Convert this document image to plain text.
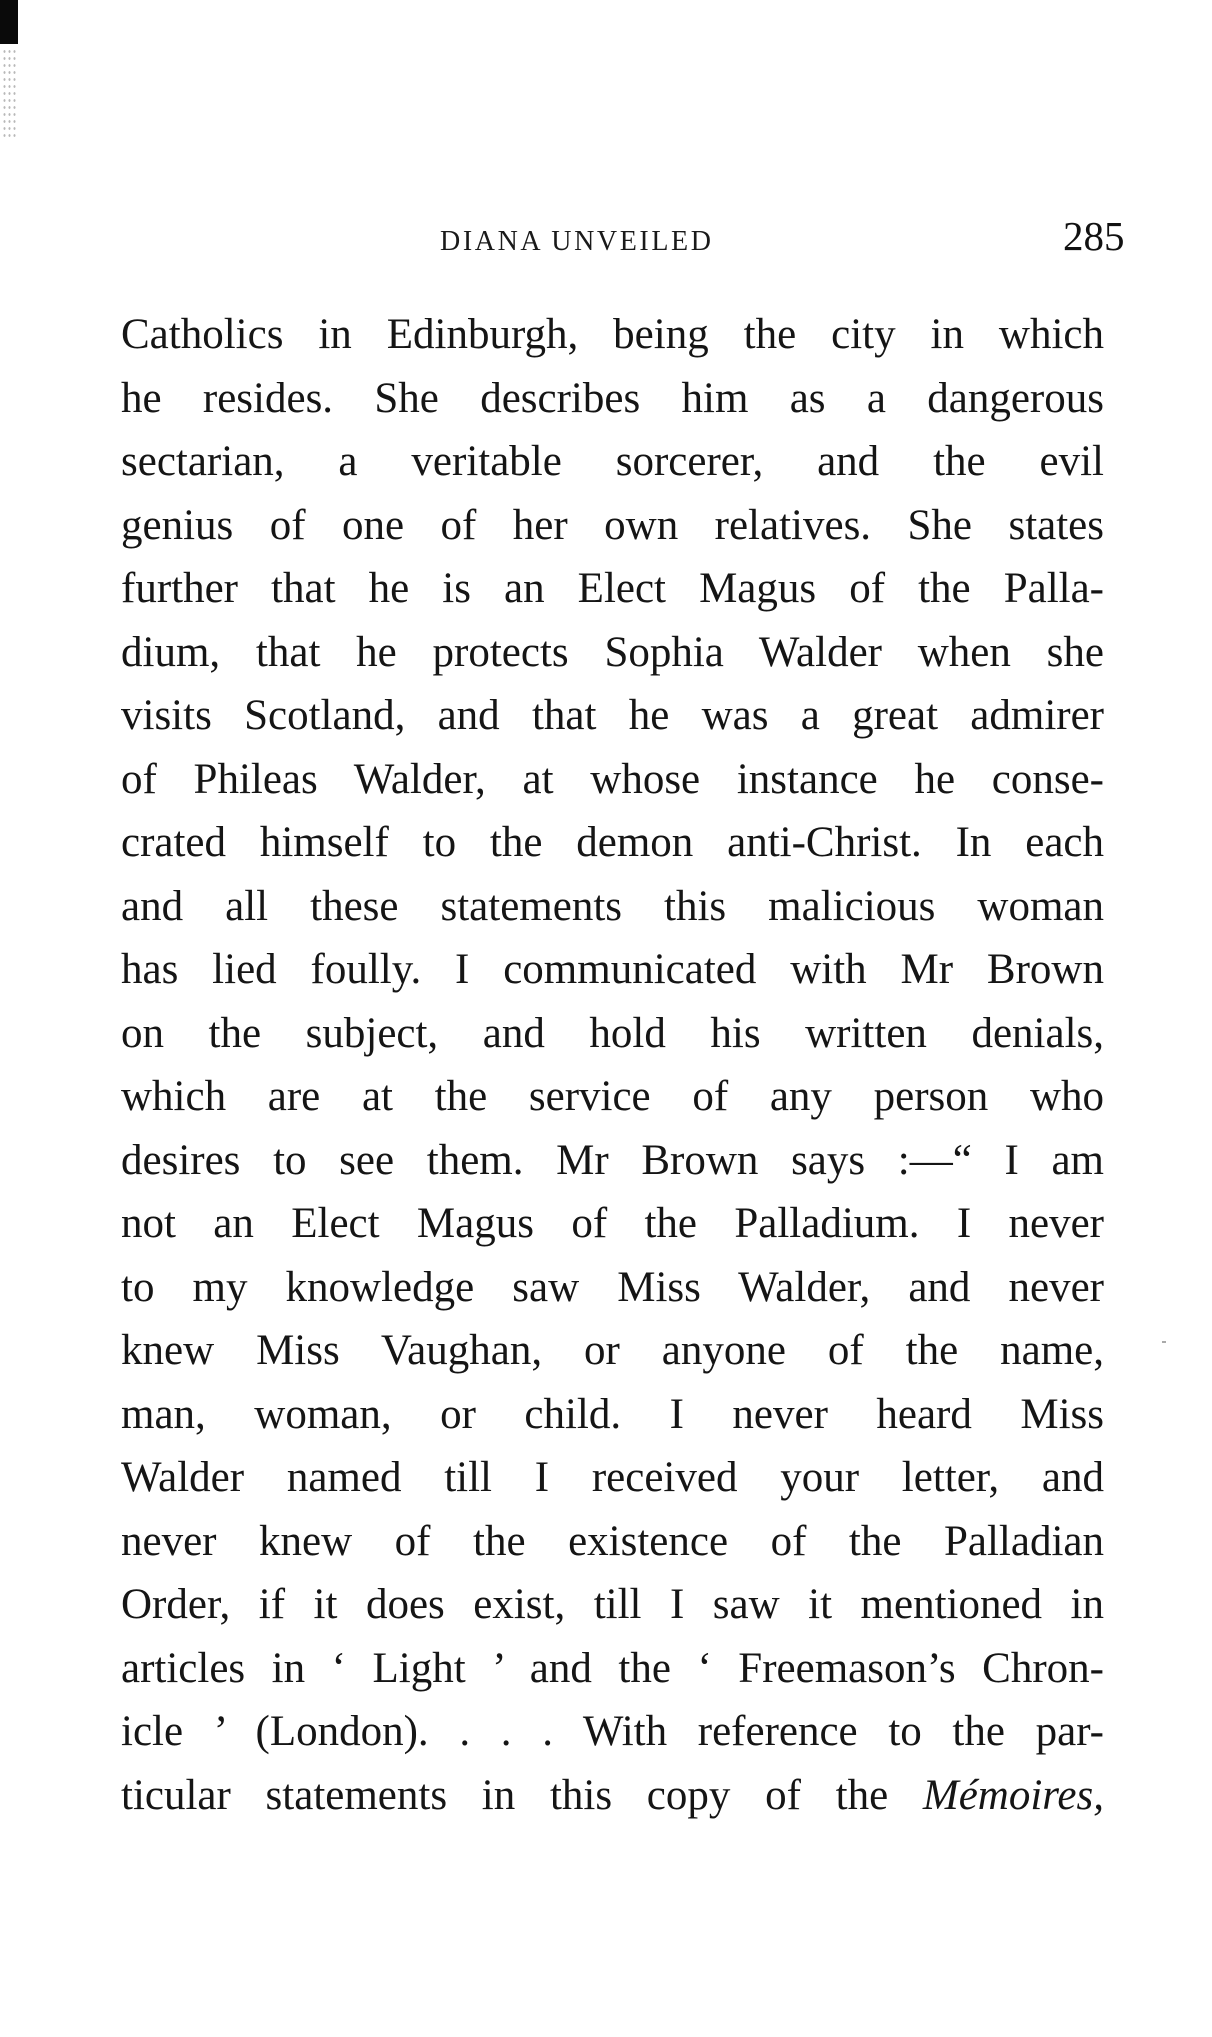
DIANA UNVEILED	285
Catholics in Edinburgh, being the city in which
he resides. She describes him as a dangerous
sectarian, a veritable sorcerer, and the evil
genius of one of her own relatives. She states
further that he is an Elect Magus of the Palla-
dium, that he protects Sophia Walder when she
visits Scotland, and that he was a great admirer
of Phileas Walder, at whose instance he conse-
crated himself to the demon anti-Christ. In each
and all these statements this malicious woman
has lied foully. I communicated with Mr Brown
on the subject, and hold his written denials,
which are at the service of any person who
desires to see them. Mr Brown says :—“ I am
not an Elect Magus of the Palladium. I never
to my knowledge saw Miss Walder, and never
knew Miss Vaughan, or anyone of the name,
man, woman, or child. I never heard Miss
Walder named till I received your letter, and
never knew of the existence of the Palladian
Order, if it does exist, till I saw it mentioned in
articles in ‘ Light ’ and the ‘ Freemason’s Chron-
icle ’ (London). . . . With reference to the par-
ticular statements in this copy of the Mémoires,
